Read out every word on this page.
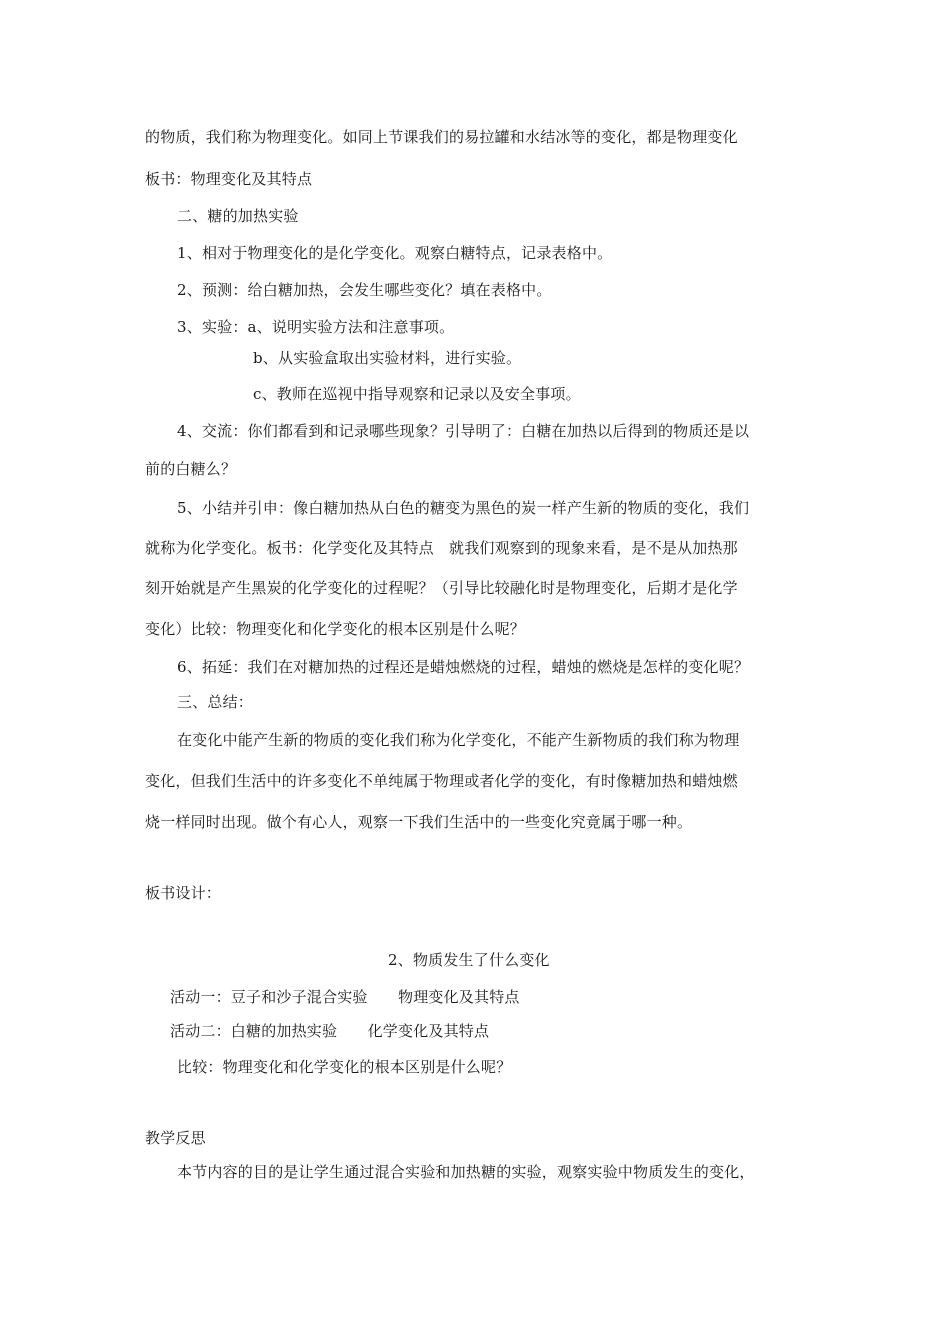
的物质，我们称为物理变化。如同上节课我们的易拉罐和水结冰等的变化，都是物理变化
板书：物理变化及其特点
二、糖的加热实验
1、相对于物理变化的是化学变化。观察白糖特点，记录表格中。
2、预测：给白糖加热，会发生哪些变化？填在表格中。
3、实验：a、说明实验方法和注意事项。
b、从实验盒取出实验材料，进行实验。
c、教师在巡视中指导观察和记录以及安全事项。
4、交流：你们都看到和记录哪些现象？引导明了：白糖在加热以后得到的物质还是以
前的白糖么？
5、小结并引申：像白糖加热从白色的糖变为黑色的炭一样产生新的物质的变化，我们
就称为化学变化。板书：化学变化及其特点　就我们观察到的现象来看，是不是从加热那
刻开始就是产生黑炭的化学变化的过程呢？（引导比较融化时是物理变化，后期才是化学
变化）比较：物理变化和化学变化的根本区别是什么呢？
6、拓延：我们在对糖加热的过程还是蜡烛燃烧的过程，蜡烛的燃烧是怎样的变化呢？
三、总结：
在变化中能产生新的物质的变化我们称为化学变化，不能产生新物质的我们称为物理
变化，但我们生活中的许多变化不单纯属于物理或者化学的变化，有时像糖加热和蜡烛燃
烧一样同时出现。做个有心人，观察一下我们生活中的一些变化究竟属于哪一种。
板书设计：
2、物质发生了什么变化
活动一：豆子和沙子混合实验　　物理变化及其特点
活动二：白糖的加热实验　　化学变化及其特点
比较：物理变化和化学变化的根本区别是什么呢？
教学反思
本节内容的目的是让学生通过混合实验和加热糖的实验，观察实验中物质发生的变化，
